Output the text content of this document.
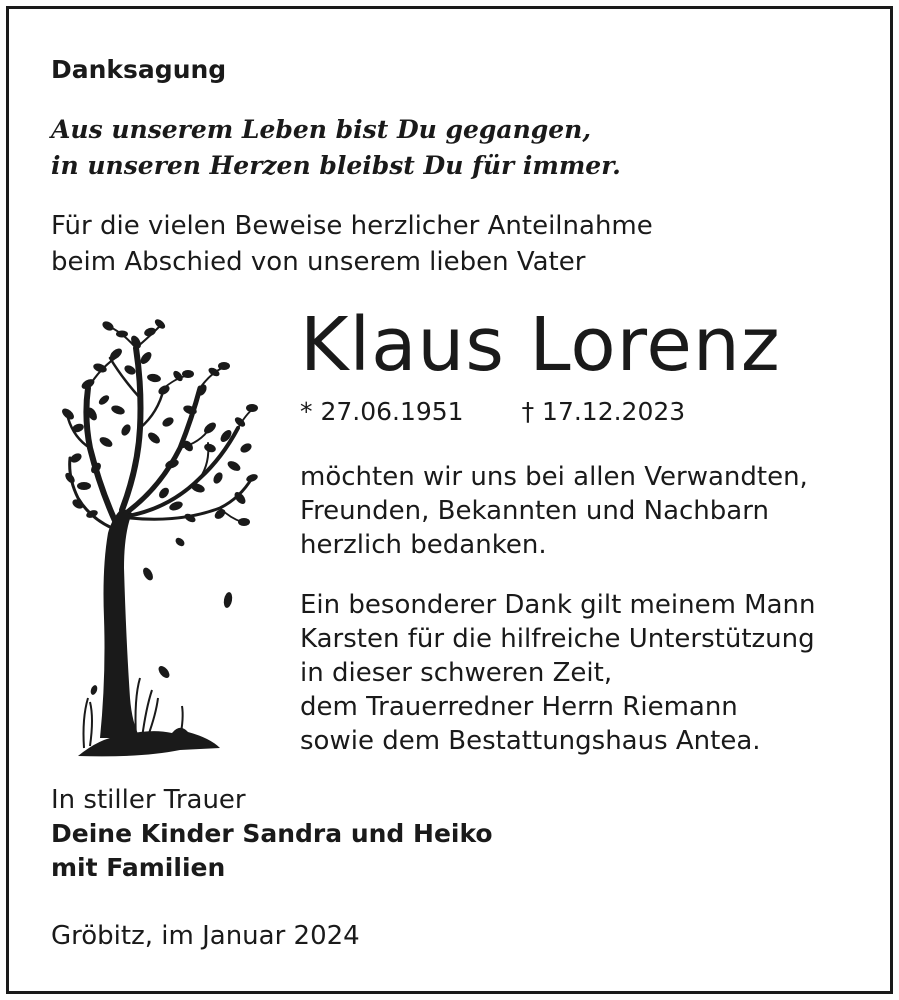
Danksagung
Aus unserem Leben bist Du gegangen,
in unseren Herzen bleibst Du für immer.
Für die vielen Beweise herzlicher Anteilnahme
beim Abschied von unserem lieben Vater
Klaus Lorenz
* 27.06.1951 † 17.12.2023
möchten wir uns bei allen Verwandten,
Freunden, Bekannten und Nachbarn
herzlich bedanken.
Ein besonderer Dank gilt meinem Mann
Karsten für die hilfreiche Unterstützung
in dieser schweren Zeit,
dem Trauerredner Herrn Riemann
sowie dem Bestattungshaus Antea.
In stiller Trauer
Deine Kinder Sandra und Heiko
mit Familien
Gröbitz, im Januar 2024
